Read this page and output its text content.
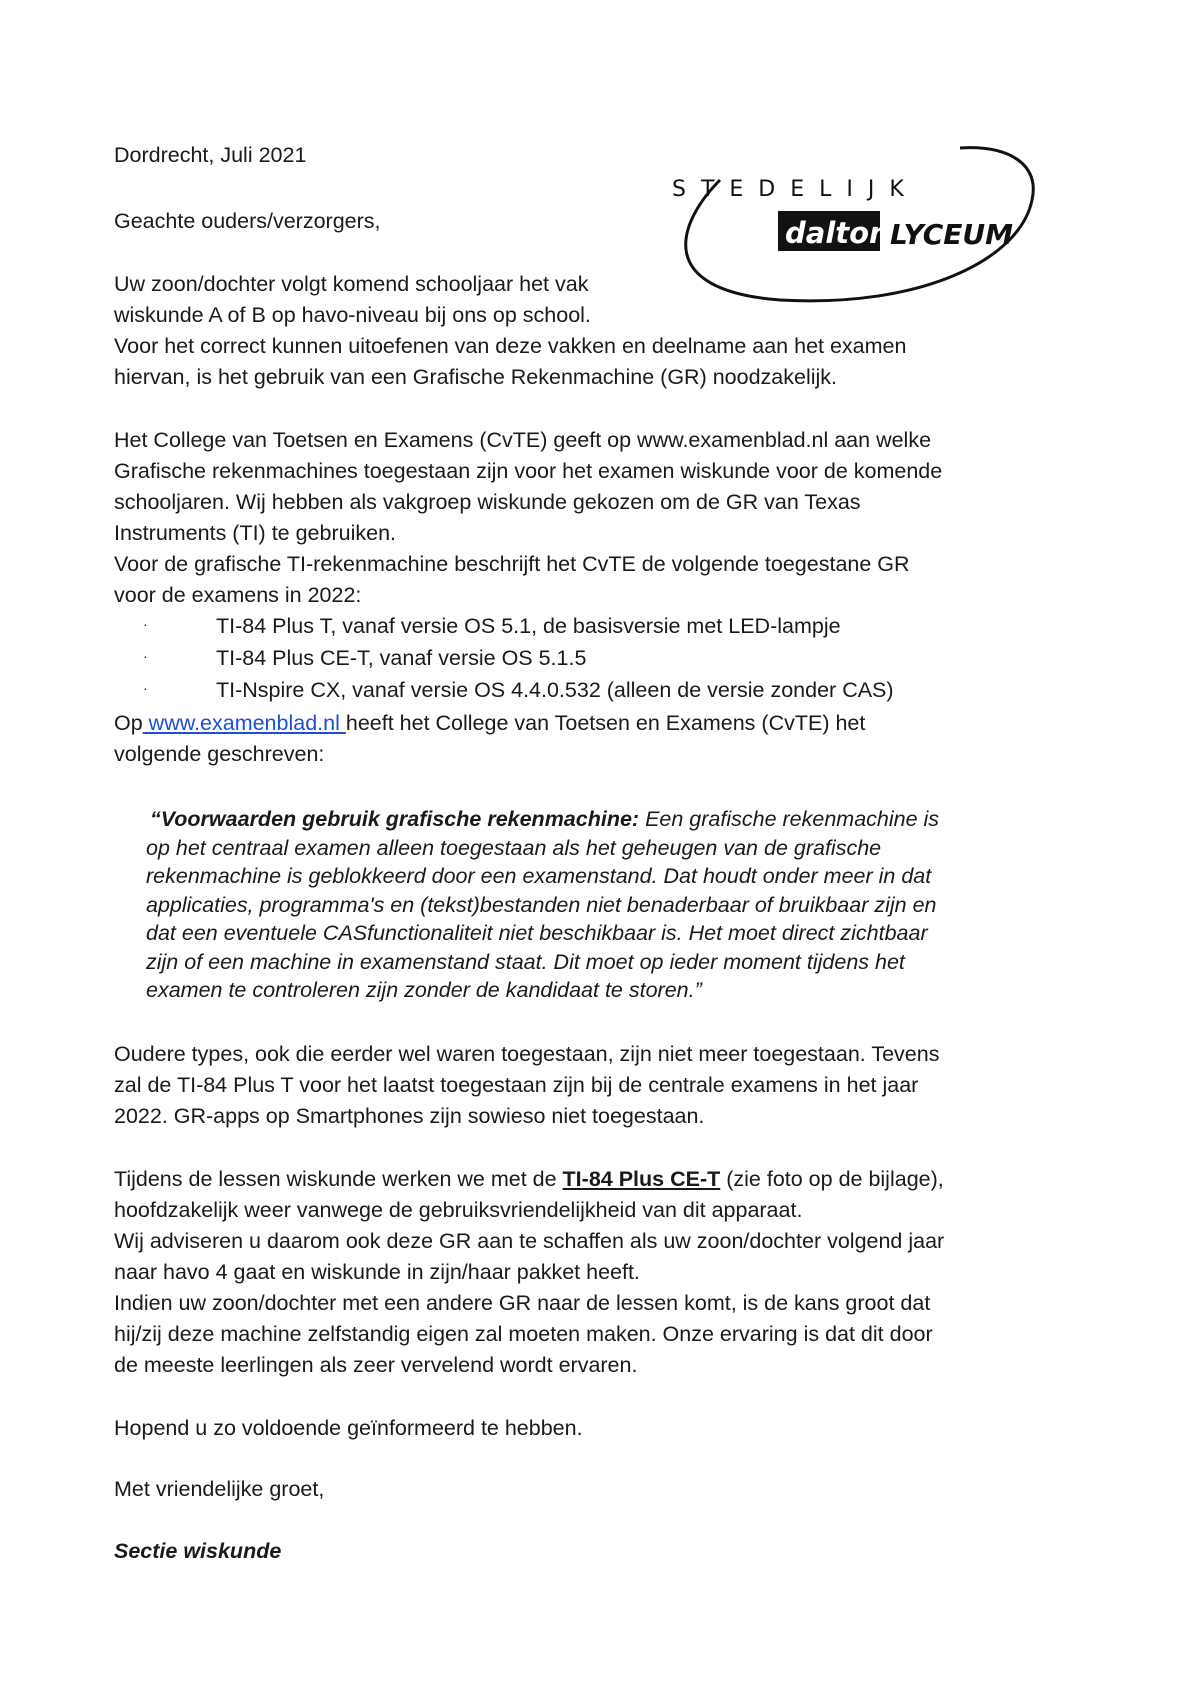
STEDELIJK
dalton LYCEUM
Dordrecht, Juli 2021
Geachte ouders/verzorgers,
Uw zoon/dochter volgt komend schooljaar het vak
wiskunde A of B op havo-niveau bij ons op school.
Voor het correct kunnen uitoefenen van deze vakken en deelname aan het examen
hiervan, is het gebruik van een Grafische Rekenmachine (GR) noodzakelijk.
Het College van Toetsen en Examens (CvTE) geeft op www.examenblad.nl aan welke
Grafische rekenmachines toegestaan zijn voor het examen wiskunde voor de komende
schooljaren. Wij hebben als vakgroep wiskunde gekozen om de GR van Texas
Instruments (TI) te gebruiken.
Voor de grafische TI-rekenmachine beschrijft het CvTE de volgende toegestane GR
voor de examens in 2022:
·	TI-84 Plus T, vanaf versie OS 5.1, de basisversie met LED-lampje
·	TI-84 Plus CE-T, vanaf versie OS 5.1.5
·	TI-Nspire CX, vanaf versie OS 4.4.0.532 (alleen de versie zonder CAS)
Op www.examenblad.nl heeft het College van Toetsen en Examens (CvTE) het
volgende geschreven:
“Voorwaarden gebruik grafische rekenmachine: Een grafische rekenmachine is
op het centraal examen alleen toegestaan als het geheugen van de grafische
rekenmachine is geblokkeerd door een examenstand. Dat houdt onder meer in dat
applicaties, programma's en (tekst)bestanden niet benaderbaar of bruikbaar zijn en
dat een eventuele CASfunctionaliteit niet beschikbaar is. Het moet direct zichtbaar
zijn of een machine in examenstand staat. Dit moet op ieder moment tijdens het
examen te controleren zijn zonder de kandidaat te storen.”
Oudere types, ook die eerder wel waren toegestaan, zijn niet meer toegestaan. Tevens
zal de TI-84 Plus T voor het laatst toegestaan zijn bij de centrale examens in het jaar
2022. GR-apps op Smartphones zijn sowieso niet toegestaan.
Tijdens de lessen wiskunde werken we met de TI-84 Plus CE-T (zie foto op de bijlage),
hoofdzakelijk weer vanwege de gebruiksvriendelijkheid van dit apparaat.
Wij adviseren u daarom ook deze GR aan te schaffen als uw zoon/dochter volgend jaar
naar havo 4 gaat en wiskunde in zijn/haar pakket heeft.
Indien uw zoon/dochter met een andere GR naar de lessen komt, is de kans groot dat
hij/zij deze machine zelfstandig eigen zal moeten maken. Onze ervaring is dat dit door
de meeste leerlingen als zeer vervelend wordt ervaren.
Hopend u zo voldoende geïnformeerd te hebben.
Met vriendelijke groet,
Sectie wiskunde
